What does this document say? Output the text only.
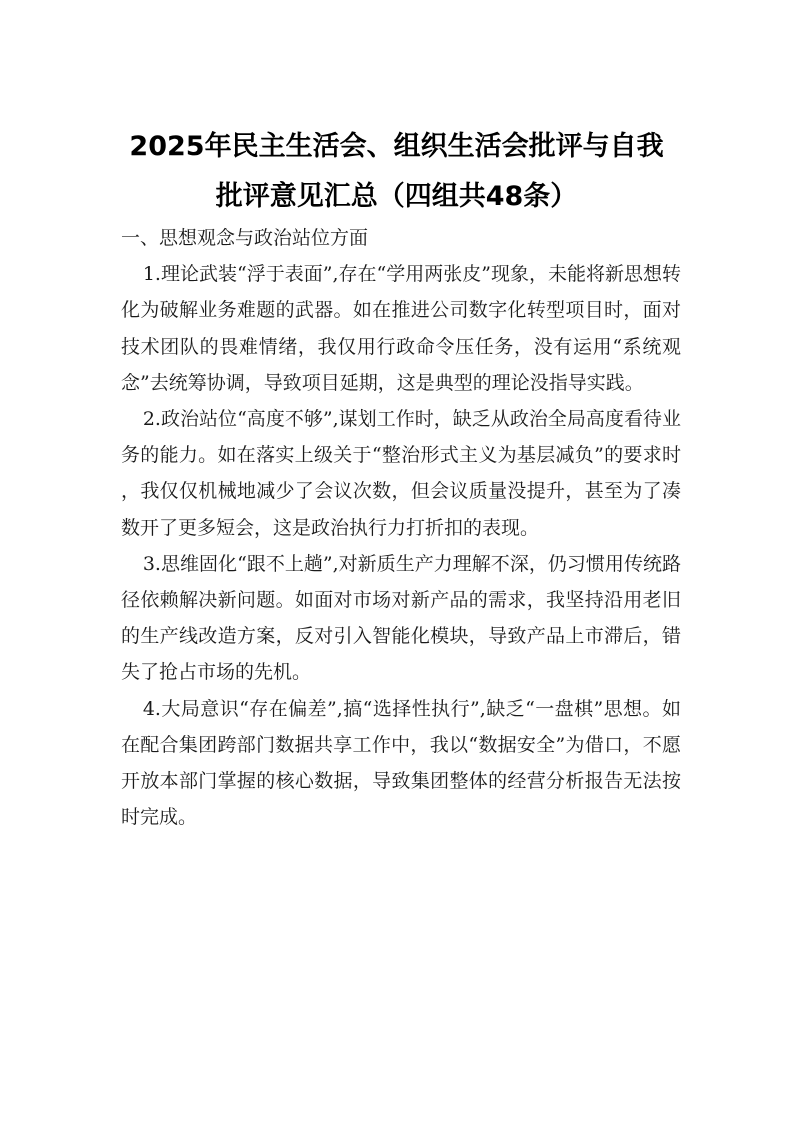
2025年民主生活会、组织生活会批评与自我
批评意见汇总（四组共48条）

一、思想观念与政治站位方面

1.理论武装“浮于表面”,存在“学用两张皮”现象，未能将新思想转化为破解业务难题的武器。如在推进公司数字化转型项目时，面对技术团队的畏难情绪，我仅用行政命令压任务，没有运用“系统观念”去统筹协调，导致项目延期，这是典型的理论没指导实践。

2.政治站位“高度不够”,谋划工作时，缺乏从政治全局高度看待业务的能力。如在落实上级关于“整治形式主义为基层减负”的要求时，我仅仅机械地减少了会议次数，但会议质量没提升，甚至为了凑数开了更多短会，这是政治执行力打折扣的表现。

3.思维固化“跟不上趟”,对新质生产力理解不深，仍习惯用传统路径依赖解决新问题。如面对市场对新产品的需求，我坚持沿用老旧的生产线改造方案，反对引入智能化模块，导致产品上市滞后，错失了抢占市场的先机。

4.大局意识“存在偏差”,搞“选择性执行”,缺乏“一盘棋”思想。如在配合集团跨部门数据共享工作中，我以“数据安全”为借口，不愿开放本部门掌握的核心数据，导致集团整体的经营分析报告无法按时完成。
